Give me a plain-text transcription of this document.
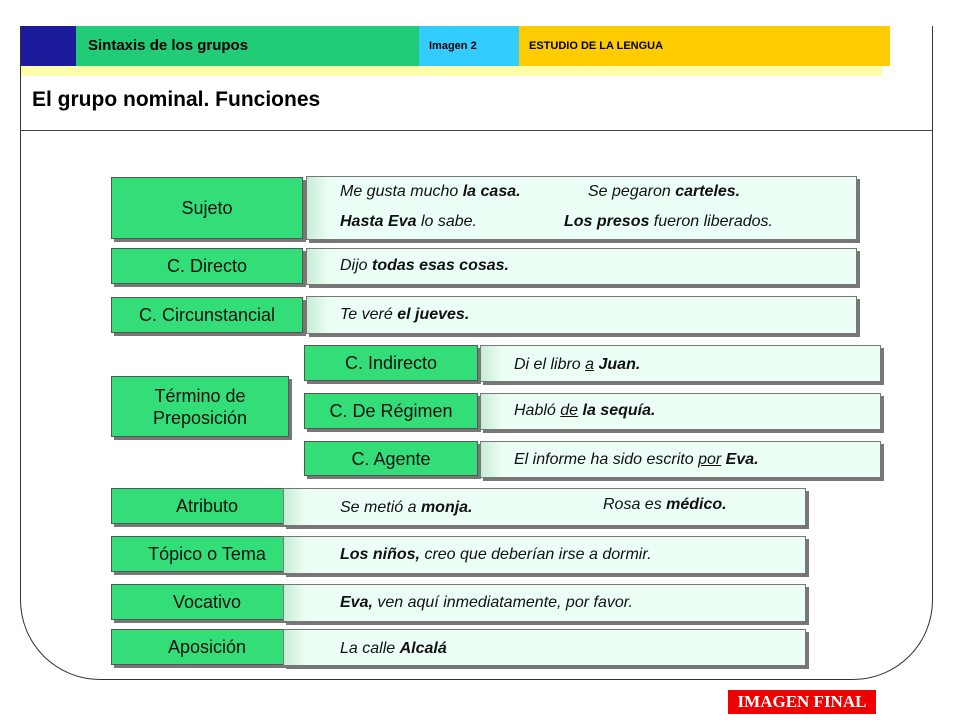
Sintaxis de los grupos	Imagen 2	ESTUDIO DE LA LENGUA
El grupo nominal. Funciones
Sujeto
Me gusta mucho la casa.	Se pegaron carteles.
Hasta Eva lo sabe.	Los presos fueron liberados.
C. Directo	Dijo todas esas cosas.
C. Circunstancial	Te veré el jueves.
Término de
Preposición
C. Indirecto	Di el libro a Juan.
C. De Régimen	Habló de la sequía.
C. Agente	El informe ha sido escrito por Eva.
Atributo	Se metió a monja.	Rosa es médico.
Tópico o Tema	Los niños, creo que deberían irse a dormir.
Vocativo	Eva, ven aquí inmediatamente, por favor.
Aposición	La calle Alcalá
IMAGEN FINAL
